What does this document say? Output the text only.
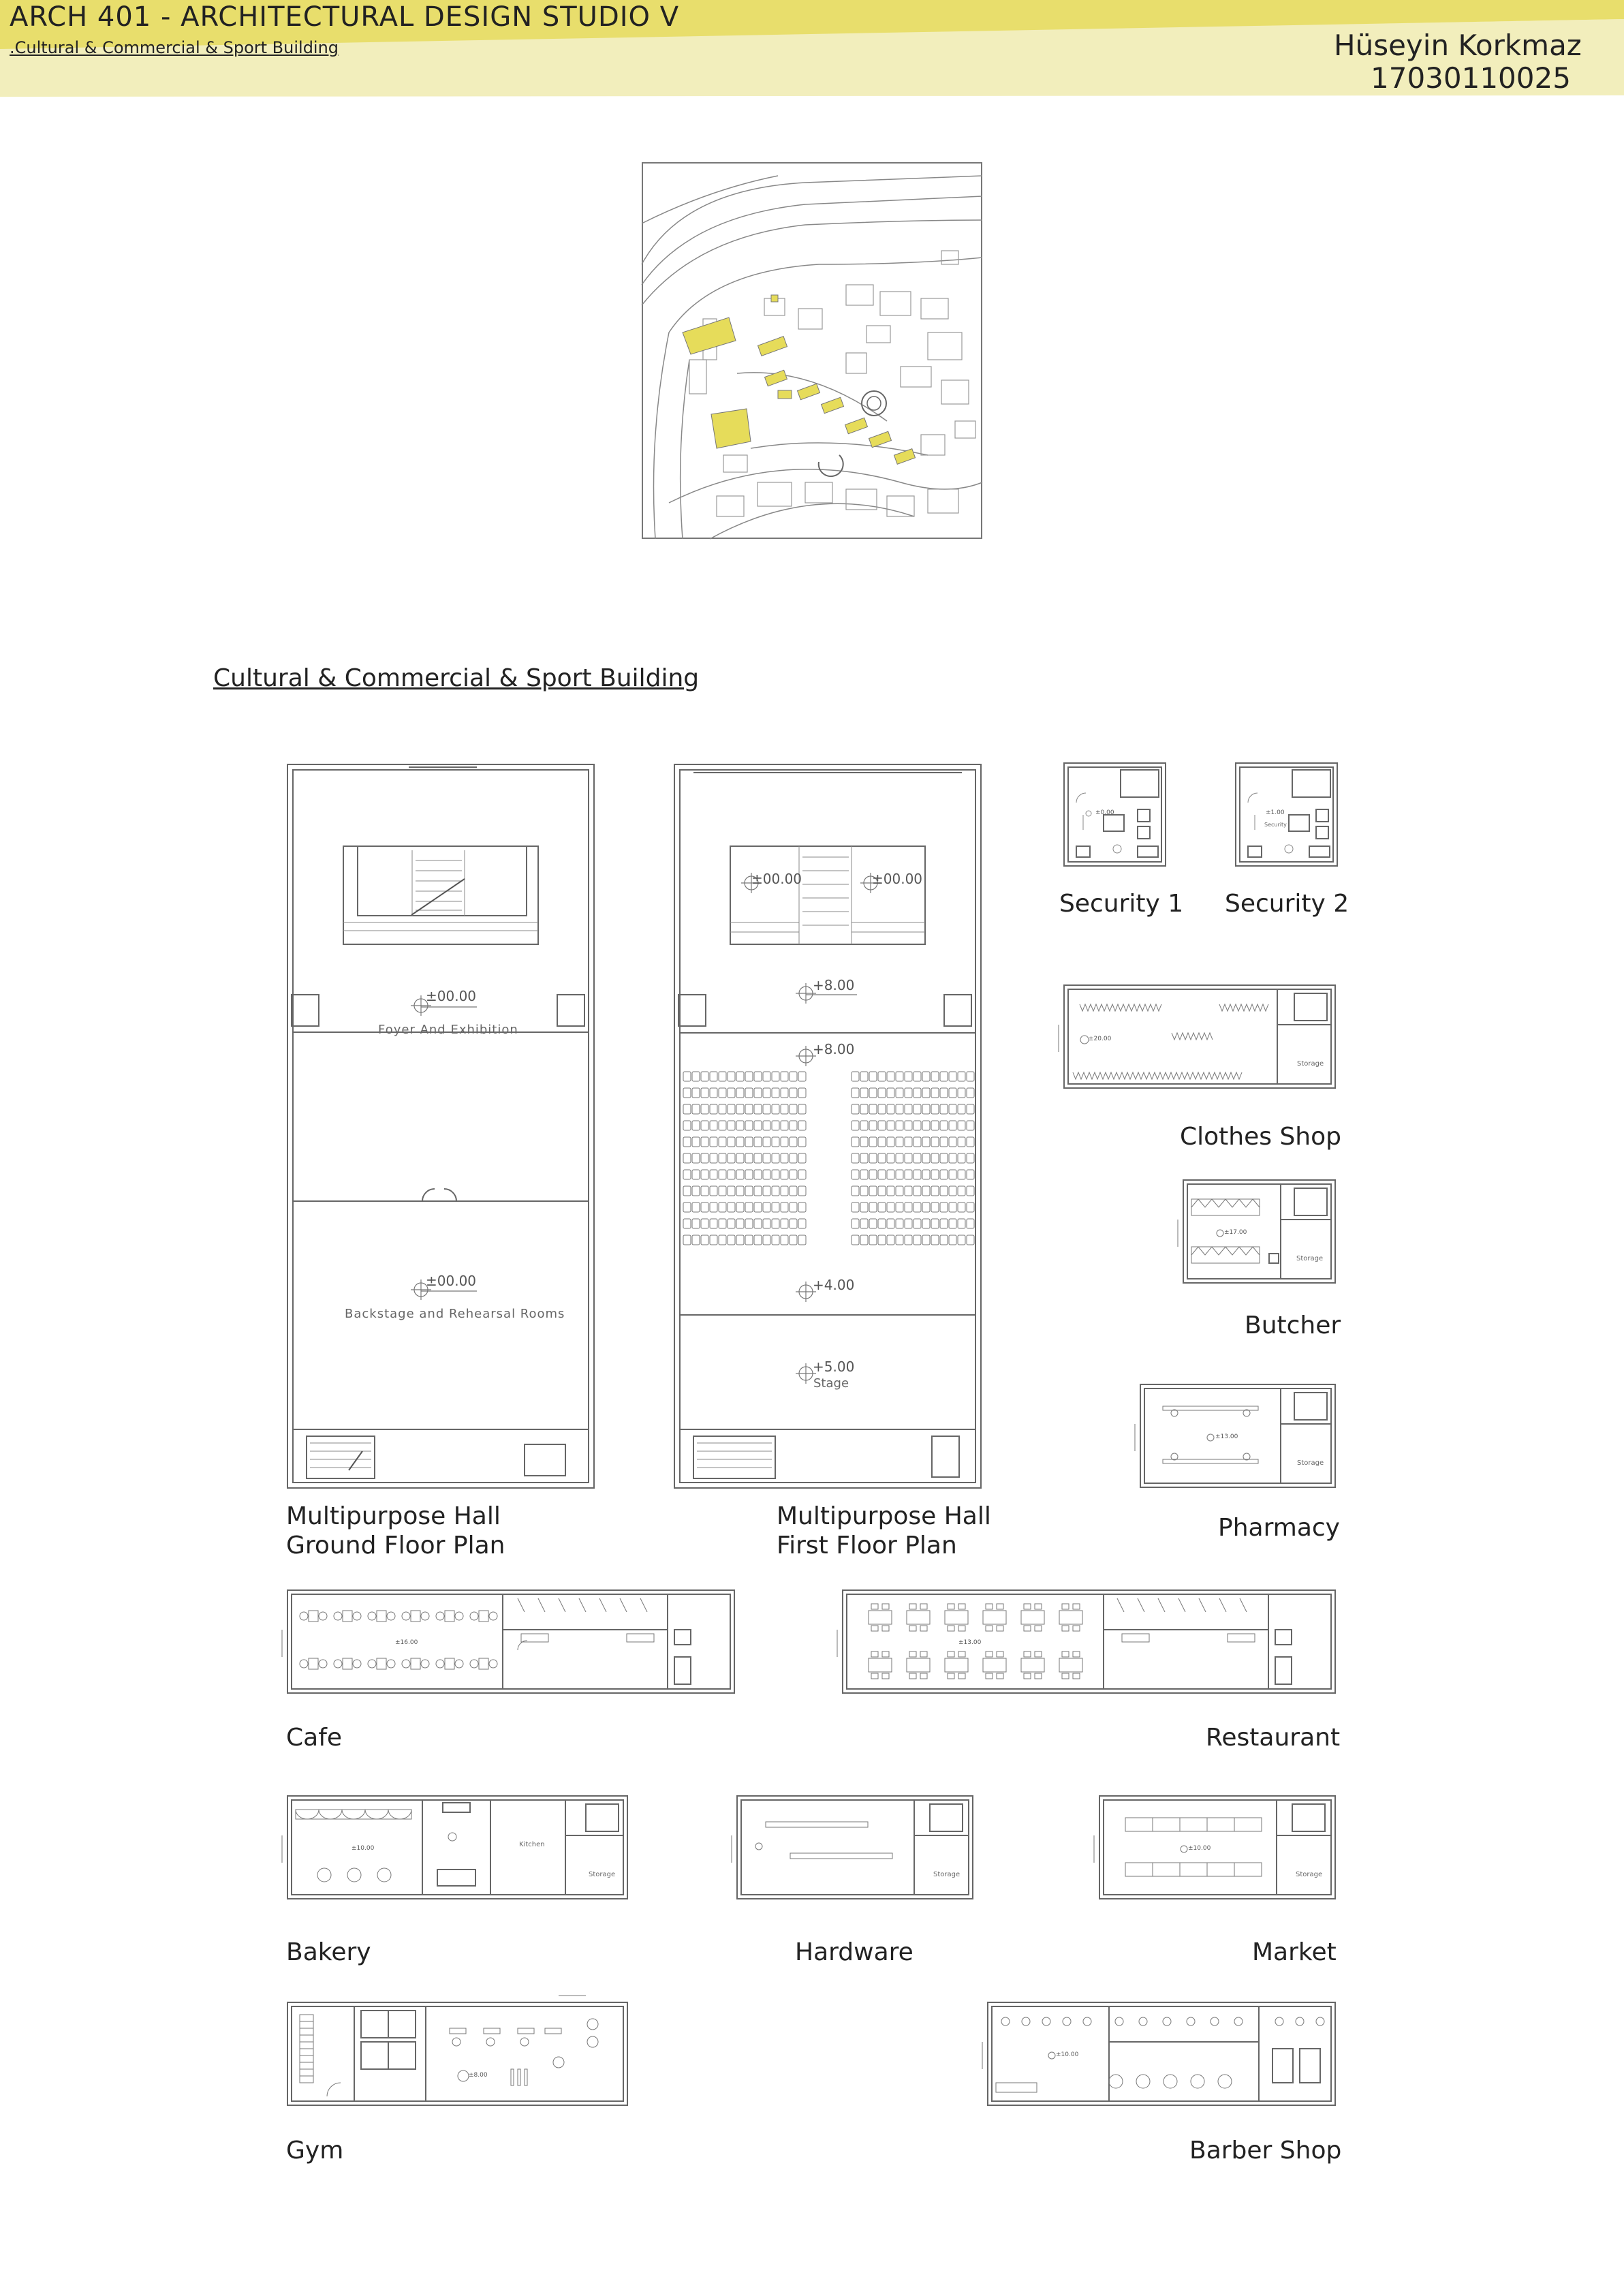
ARCH 401 - ARCHITECTURAL DESIGN STUDIO V
.Cultural & Commercial & Sport Building	Hüseyin Korkmaz
17030110025
Cultural & Commercial & Sport Building
±00.00
Foyer And Exhibition
±00.00
Backstage and Rehearsal Rooms
Multipurpose Hall
Ground Floor Plan
±00.00	±00.00
+8.00
+8.00
+4.00
+5.00
Stage
Multipurpose Hall
First Floor Plan
±0.00
Security 1
±1.00
Security
Security 2
±20.00
Storage
Clothes Shop
±17.00
Storage
Butcher
±13.00
Storage
Pharmacy
±16.00
Cafe
±13.00
Restaurant
±10.00	Kitchen
Storage
Bakery
Storage
Hardware
±10.00
Storage
Market
±8.00
Gym
±10.00
Barber Shop
